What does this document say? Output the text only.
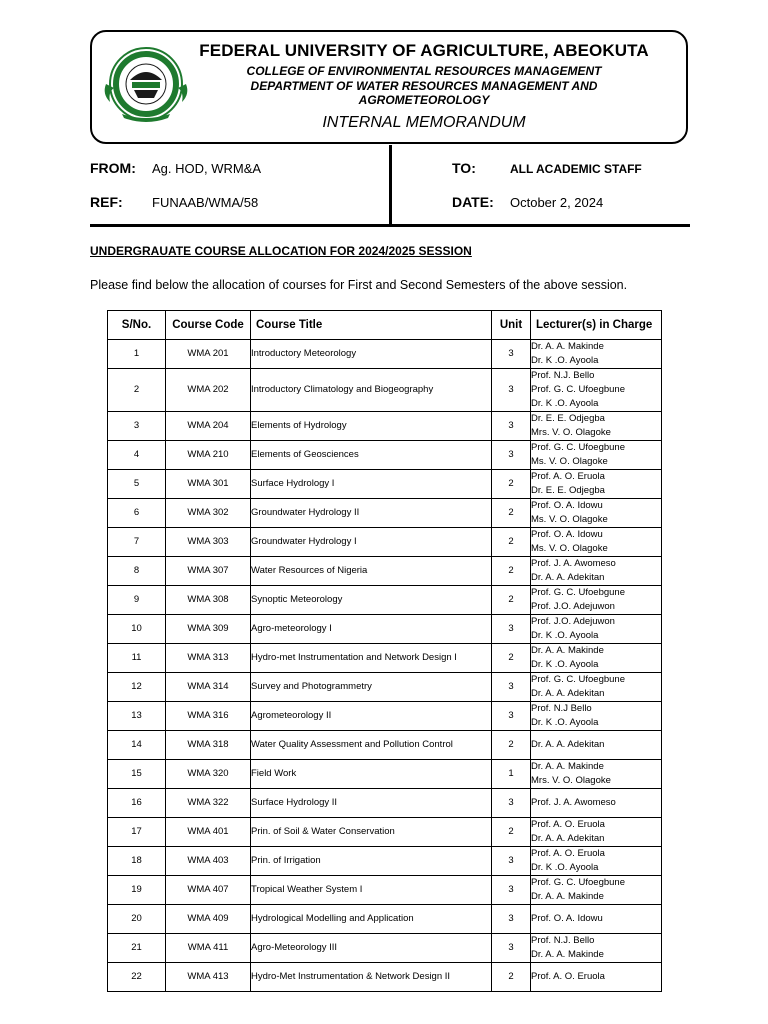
FEDERAL UNIVERSITY OF AGRICULTURE, ABEOKUTA
COLLEGE OF ENVIRONMENTAL RESOURCES MANAGEMENT
DEPARTMENT OF WATER RESOURCES MANAGEMENT AND AGROMETEOROLOGY
INTERNAL MEMORANDUM
FROM: Ag. HOD, WRM&A	TO:	ALL ACADEMIC STAFF
REF: FUNAAB/WMA/58	DATE: October 2, 2024
UNDERGRAUATE COURSE ALLOCATION FOR 2024/2025 SESSION
Please find below the allocation of courses for First and Second Semesters of the above session.
S/No.	Course Code	Course Title	Unit	Lecturer(s) in Charge
1	WMA 201	Introductory Meteorology	3	Dr. A. A. Makinde
Dr. K .O. Ayoola

2	WMA 202	Introductory Climatology and Biogeography	3	Prof. N.J. Bello
Prof. G. C. Ufoegbune
Dr. K .O. Ayoola

3	WMA 204	Elements of Hydrology	3	Dr. E. E. Odjegba
Mrs. V. O. Olagoke

4	WMA 210	Elements of Geosciences	3	Prof. G. C. Ufoegbune
Ms. V. O. Olagoke

5	WMA 301	Surface Hydrology I	2	Prof. A. O. Eruola
Dr. E. E. Odjegba

6	WMA 302	Groundwater Hydrology II	2	Prof. O. A. Idowu
Ms. V. O. Olagoke

7	WMA 303	Groundwater Hydrology I	2	Prof. O. A. Idowu
Ms. V. O. Olagoke

8	WMA 307	Water Resources of Nigeria	2	Prof. J. A. Awomeso
Dr. A. A. Adekitan

9	WMA 308	Synoptic Meteorology	2	Prof. G. C. Ufoebgune
Prof. J.O. Adejuwon

10	WMA 309	Agro-meteorology I	3	Prof. J.O. Adejuwon
Dr. K .O. Ayoola

11	WMA 313	Hydro-met Instrumentation and Network Design I	2	Dr. A. A. Makinde
Dr. K .O. Ayoola

12	WMA 314	Survey and Photogrammetry	3	Prof. G. C. Ufoegbune
Dr. A. A. Adekitan

13	WMA 316	Agrometeorology II	3	Prof. N.J Bello
Dr. K .O. Ayoola

14	WMA 318	Water Quality Assessment and Pollution Control	2	Dr. A. A. Adekitan

15	WMA 320	Field Work	1	Dr. A. A. Makinde
Mrs. V. O. Olagoke

16	WMA 322	Surface Hydrology II	3	Prof. J. A. Awomeso

17	WMA 401	Prin. of Soil & Water Conservation	2	Prof. A. O. Eruola
Dr. A. A. Adekitan

18	WMA 403	Prin. of Irrigation	3	Prof. A. O. Eruola
Dr. K .O. Ayoola

19	WMA 407	Tropical Weather System I	3	Prof. G. C. Ufoegbune
Dr. A. A. Makinde

20	WMA 409	Hydrological Modelling and Application	3	Prof. O. A. Idowu

21	WMA 411	Agro-Meteorology III	3	Prof. N.J. Bello
Dr. A. A. Makinde

22	WMA 413	Hydro-Met Instrumentation & Network Design II	2	Prof. A. O. Eruola
